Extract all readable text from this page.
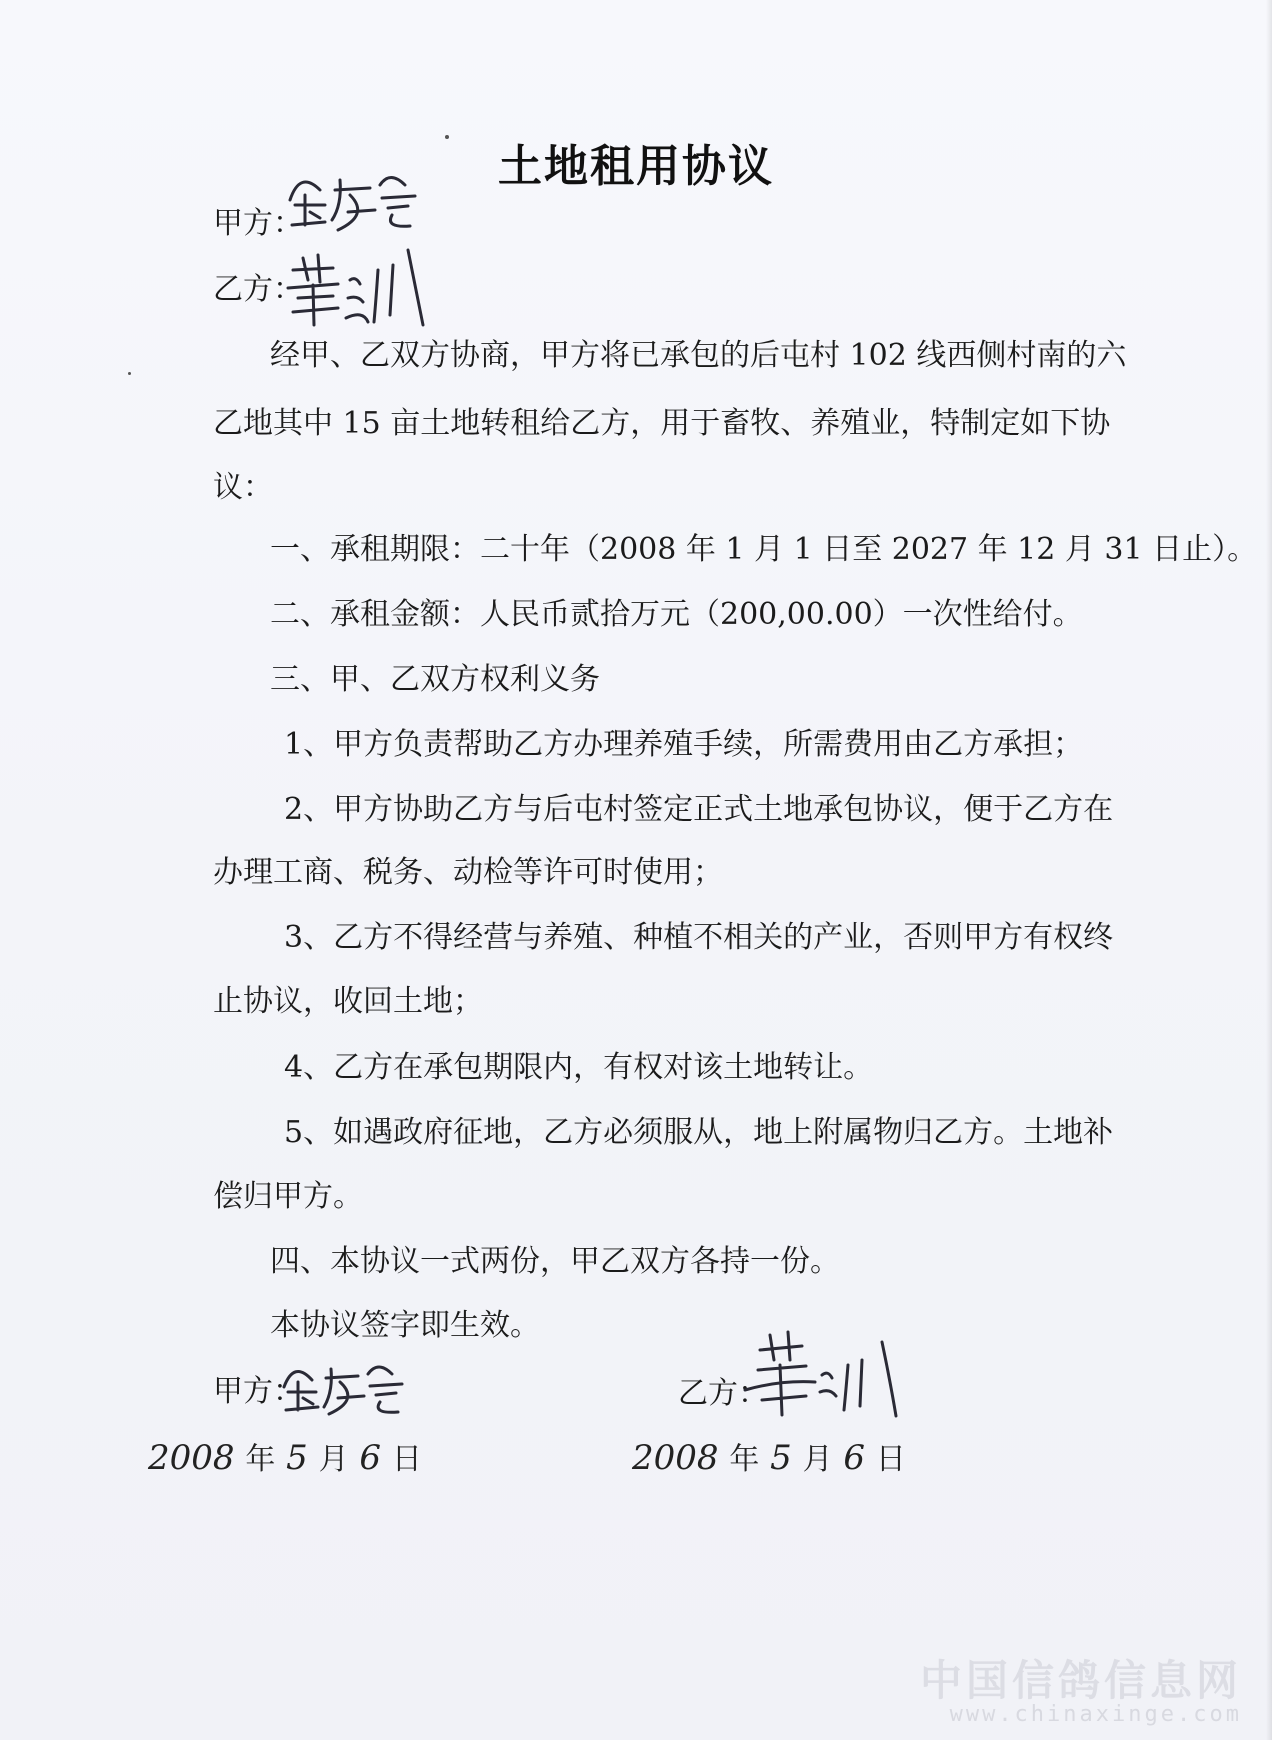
土地租用协议
甲方：
乙方：
经甲、乙双方协商，甲方将已承包的后屯村 102 线西侧村南的六
乙地其中 15 亩土地转租给乙方，用于畜牧、养殖业，特制定如下协
议：
一、承租期限：二十年（2008 年 1 月 1 日至 2027 年 12 月 31 日止）。
二、承租金额：人民币贰拾万元（200,00.00）一次性给付。
三、甲、乙双方权利义务
1、甲方负责帮助乙方办理养殖手续，所需费用由乙方承担；
2、甲方协助乙方与后屯村签定正式土地承包协议，便于乙方在
办理工商、税务、动检等许可时使用；
3、乙方不得经营与养殖、种植不相关的产业，否则甲方有权终
止协议，收回土地；
4、乙方在承包期限内，有权对该土地转让。
5、如遇政府征地，乙方必须服从，地上附属物归乙方。土地补
偿归甲方。
四、本协议一式两份，甲乙双方各持一份。
本协议签字即生效。
甲方：	乙方：
2008 年 5 月 6 日	2008 年 5 月 6 日
中国信鸽信息网
www.chinaxinge.com
